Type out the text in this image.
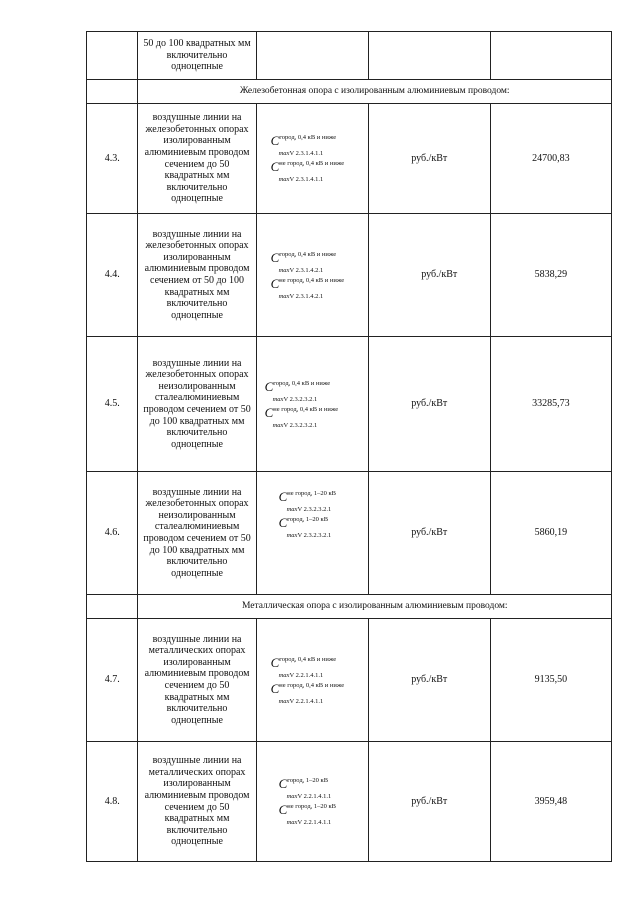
	50 до 100 квадратных мм включительно одноцепные			

	Железобетонная опора с изолированным алюминиевым проводом:			
4.3.	воздушные линии на железобетонных опорах изолированным алюминиевым проводом сечением до 50 квадратных мм включительно одноцепные	Cгород, 0,4 кВ и ниже
maxV 2.3.1.4.1.1
Cне город, 0,4 кВ и ниже
maxV 2.3.1.4.1.1	руб./кВт	24700,83
4.4.	воздушные линии на железобетонных опорах изолированным алюминиевым проводом сечением от 50 до 100 квадратных мм включительно одноцепные	Cгород, 0,4 кВ и ниже
maxV 2.3.1.4.2.1
Cне город, 0,4 кВ и ниже
maxV 2.3.1.4.2.1	руб./кВт	5838,29
4.5.	воздушные линии на железобетонных опорах неизолированным сталеалюминиевым проводом сечением от 50 до 100 квадратных мм включительно одноцепные	Cгород, 0,4 кВ и ниже
maxV 2.3.2.3.2.1
Cне город, 0,4 кВ и ниже
maxV 2.3.2.3.2.1	руб./кВт	33285,73
4.6.	воздушные линии на железобетонных опорах неизолированным сталеалюминиевым проводом сечением от 50 до 100 квадратных мм включительно одноцепные	Cне город, 1–20 кВ
maxV 2.3.2.3.2.1
Cгород, 1–20 кВ
maxV 2.3.2.3.2.1	руб./кВт	5860,19
	Металлическая опора с изолированным алюминиевым проводом:			
4.7.	воздушные линии на металлических опорах изолированным алюминиевым проводом сечением до 50 квадратных мм включительно одноцепные	Cгород, 0,4 кВ и ниже
maxV 2.2.1.4.1.1
Cне город, 0,4 кВ и ниже
maxV 2.2.1.4.1.1	руб./кВт	9135,50
4.8.	воздушные линии на металлических опорах изолированным алюминиевым проводом сечением до 50 квадратных мм включительно одноцепные	Cгород, 1–20 кВ
maxV 2.2.1.4.1.1
Cне город, 1–20 кВ
maxV 2.2.1.4.1.1	руб./кВт	3959,48
